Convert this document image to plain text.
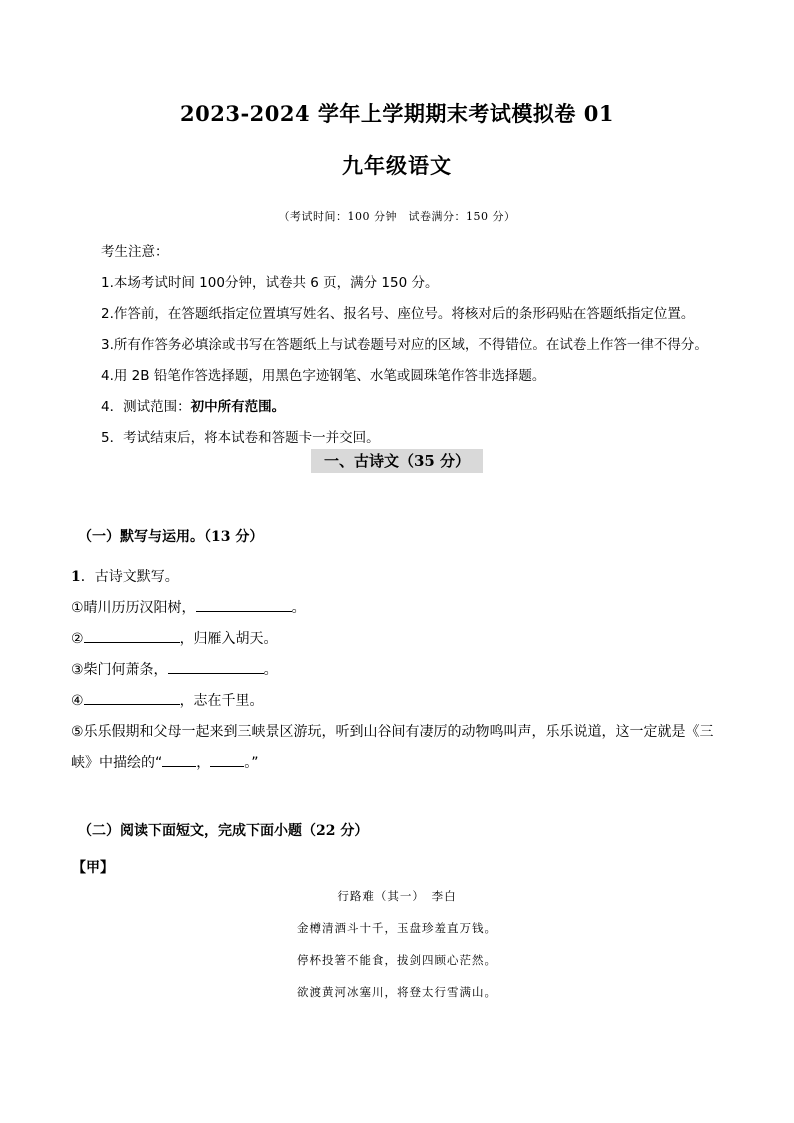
2023-2024 学年上学期期末考试模拟卷 01
九年级语文
（考试时间：100 分钟　试卷满分：150 分）
考生注意：
1.本场考试时间 100分钟，试卷共 6 页，满分 150 分。
2.作答前，在答题纸指定位置填写姓名、报名号、座位号。将核对后的条形码贴在答题纸指定位置。
3.所有作答务必填涂或书写在答题纸上与试卷题号对应的区域，不得错位。在试卷上作答一律不得分。
4.用 2B 铅笔作答选择题，用黑色字迹钢笔、水笔或圆珠笔作答非选择题。
4．测试范围：初中所有范围。
5．考试结束后，将本试卷和答题卡一并交回。
一、古诗文（35 分）
（一）默写与运用。（13 分）
1．古诗文默写。
①晴川历历汉阳树，	。
②	，归雁入胡天。
③柴门何萧条，	。
④	，志在千里。
⑤乐乐假期和父母一起来到三峡景区游玩，听到山谷间有凄厉的动物鸣叫声，乐乐说道，这一定就是《三
峡》中描绘的“ ， 。”
（二）阅读下面短文，完成下面小题（22 分）
【甲】
行路难（其一）　李白
金樽清酒斗十千，玉盘珍羞直万钱。
停杯投箸不能食，拔剑四顾心茫然。
欲渡黄河冰塞川，将登太行雪满山。
